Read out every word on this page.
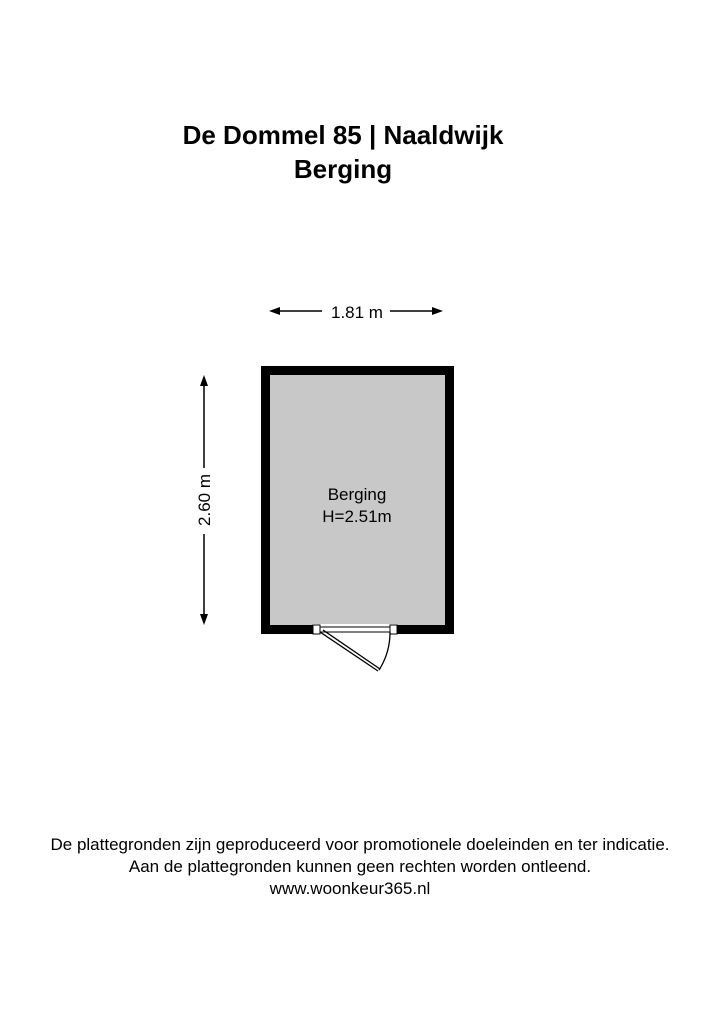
De Dommel 85 | Naaldwijk
Berging
1.81 m
2.60 m	Berging
H=2.51m
De plattegronden zijn geproduceerd voor promotionele doeleinden en ter indicatie.
Aan de plattegronden kunnen geen rechten worden ontleend.
www.woonkeur365.nl
